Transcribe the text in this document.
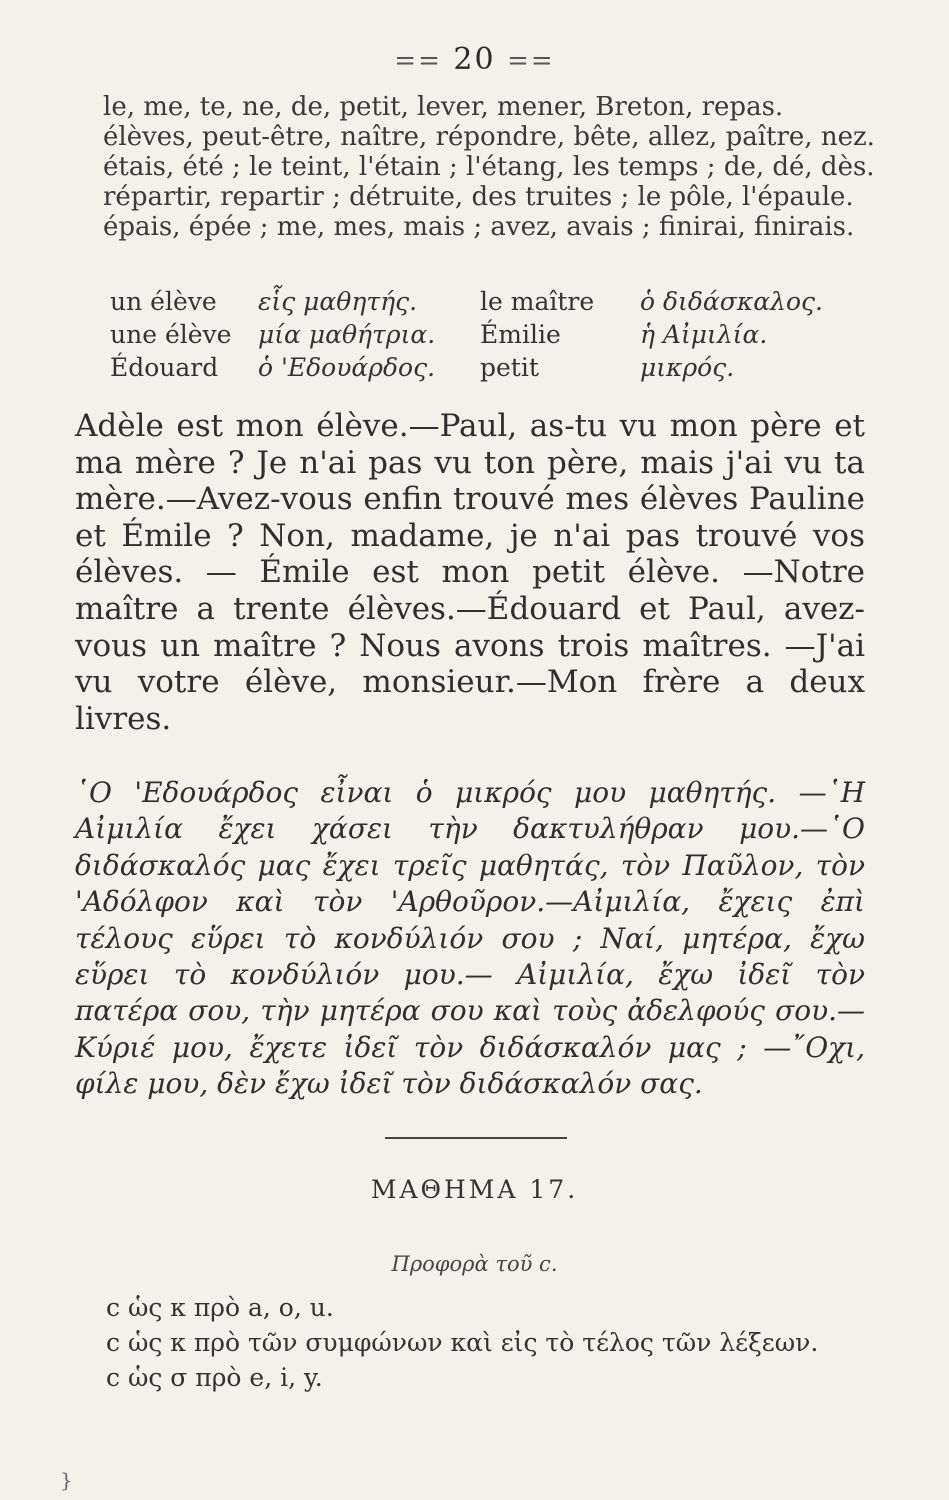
== 20 ==

le, me, te, ne, de, petit, lever, mener, Breton, repas.

élèves, peut-être, naître, répondre, bête, allez, paître, nez.

étais, été ; le teint, l'étain ; l'étang, les temps ; de, dé, dès.

répartir, repartir ; détruite, des truites ; le pôle, l'épaule.

épais, épée ; me, mes, mais ; avez, avais ; finirai, finirais.

un élève	εἷς μαθητής.	le maître	ὁ διδάσκαλος.
une élève	μία μαθήτρια.	Émilie	ἡ Αἰμιλία.
Édouard	ὁ 'Εδουάρδος.	petit	μικρός.

Adèle est mon élève.—Paul, as-tu vu mon père et ma mère ? Je n'ai pas vu ton père, mais j'ai vu ta mère.—Avez-vous enfin trouvé mes élèves Pauline et Émile ? Non, madame, je n'ai pas trouvé vos élèves. — Émile est mon petit élève. —Notre maître a trente élèves.—Édouard et Paul, avez-vous un maître ? Nous avons trois maîtres. —J'ai vu votre élève, monsieur.—Mon frère a deux livres.

῾Ο 'Εδουάρδος εἶναι ὁ μικρός μου μαθητής. —῾Η Αἰμιλία ἔχει χάσει τὴν δακτυλήθραν μου.—῾Ο διδάσκαλός μας ἔχει τρεῖς μαθητάς, τὸν Παῦλον, τὸν 'Αδόλφον καὶ τὸν 'Αρθοῦρον.—Αἰμιλία, ἔχεις ἐπὶ τέλους εὕρει τὸ κονδύλιόν σου ; Ναί, μητέρα, ἔχω εὕρει τὸ κονδύλιόν μου.— Αἰμιλία, ἔχω ἰδεῖ τὸν πατέρα σου, τὴν μητέρα σου καὶ τοὺς ἀδελφούς σου.—Κύριέ μου, ἔχετε ἰδεῖ τὸν διδάσκαλόν μας ; —῎Οχι, φίλε μου, δὲν ἔχω ἰδεῖ τὸν διδάσκαλόν σας.

ΜΑΘΗΜΑ 17.
Προφορὰ τοῦ c.

c ὡς κ πρὸ a, o, u.

c ὡς κ πρὸ τῶν συμφώνων καὶ εἰς τὸ τέλος τῶν λέξεων.

c ὡς σ πρὸ e, i, y.

}
